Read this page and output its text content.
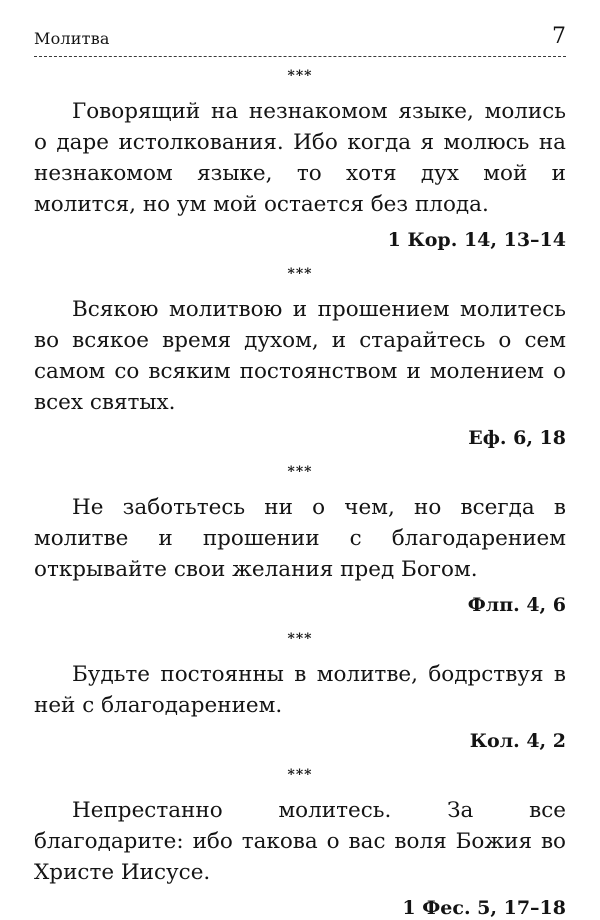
Молитва	7
***

Говорящий на незнакомом языке, молись о даре истолкования. Ибо когда я молюсь на незнакомом языке, то хотя дух мой и молится, но ум мой остается без плода.

1 Кор. 14, 13–14
***

Всякою молитвою и прошением молитесь во всякое время духом, и старайтесь о сем самом со всяким постоянством и молением о всех святых.

Еф. 6, 18
***

Не заботьтесь ни о чем, но всегда в молитве и прошении с благодарением открывайте свои желания пред Богом.

Флп. 4, 6
***

Будьте постоянны в молитве, бодрствуя в ней с благодарением.

Кол. 4, 2
***

Непрестанно молитесь. За все благодарите: ибо такова о вас воля Божия во Христе Иисусе.

1 Фес. 5, 17–18
